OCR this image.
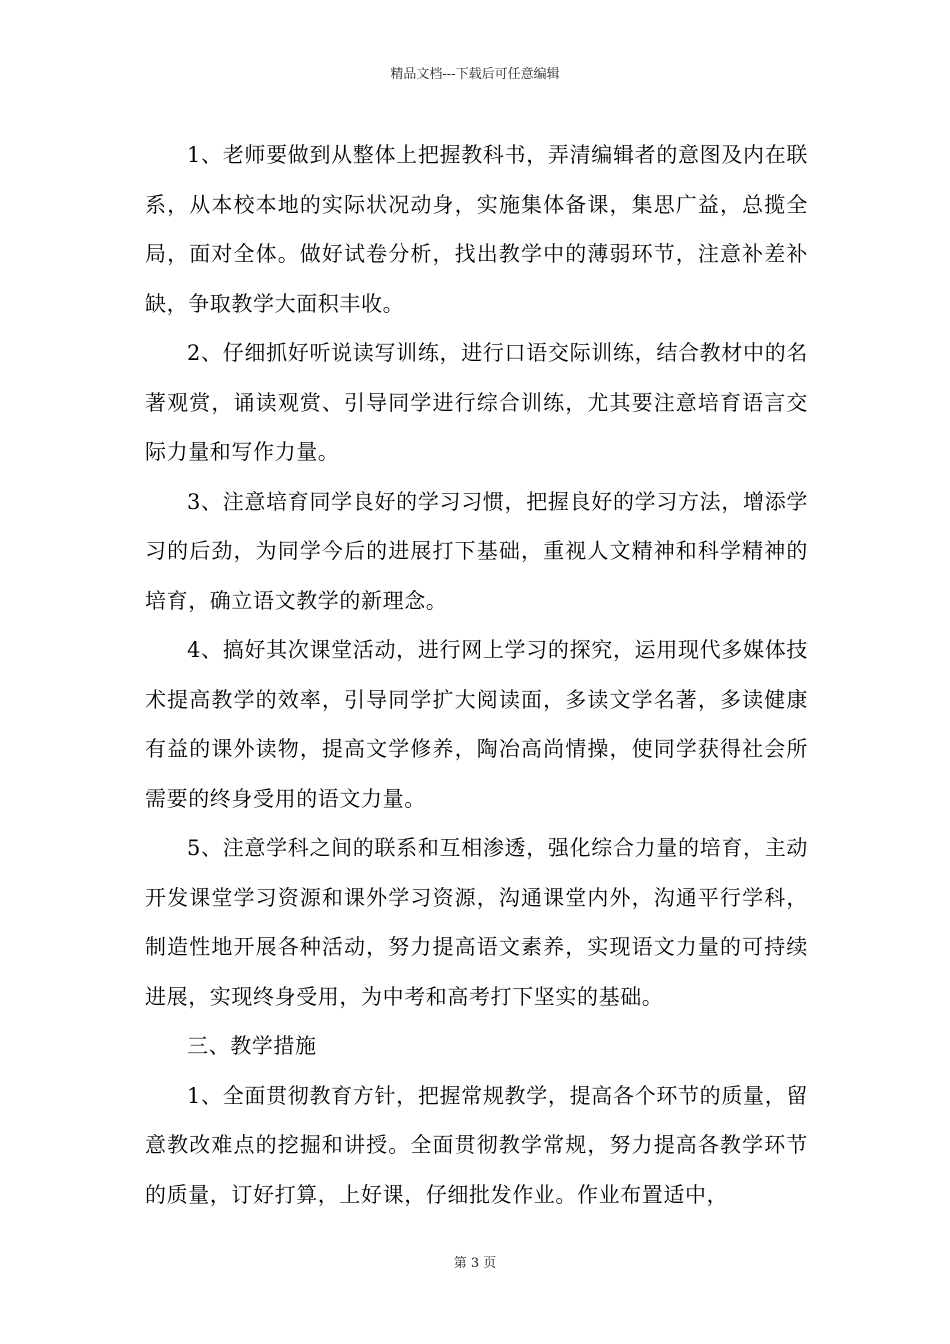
精品文档---下载后可任意编辑

1、老师要做到从整体上把握教科书，弄清编辑者的意图及内在联系，从本校本地的实际状况动身，实施集体备课，集思广益，总揽全局，面对全体。做好试卷分析，找出教学中的薄弱环节，注意补差补缺，争取教学大面积丰收。

2、仔细抓好听说读写训练，进行口语交际训练，结合教材中的名著观赏，诵读观赏、引导同学进行综合训练，尤其要注意培育语言交际力量和写作力量。

3、注意培育同学良好的学习习惯，把握良好的学习方法，增添学习的后劲，为同学今后的进展打下基础，重视人文精神和科学精神的培育，确立语文教学的新理念。

4、搞好其次课堂活动，进行网上学习的探究，运用现代多媒体技术提高教学的效率，引导同学扩大阅读面，多读文学名著，多读健康有益的课外读物，提高文学修养，陶冶高尚情操，使同学获得社会所需要的终身受用的语文力量。

5、注意学科之间的联系和互相渗透，强化综合力量的培育，主动开发课堂学习资源和课外学习资源，沟通课堂内外，沟通平行学科，制造性地开展各种活动，努力提高语文素养，实现语文力量的可持续进展，实现终身受用，为中考和高考打下坚实的基础。

三、教学措施

1、全面贯彻教育方针，把握常规教学，提高各个环节的质量，留意教改难点的挖掘和讲授。全面贯彻教学常规，努力提高各教学环节的质量，订好打算，上好课，仔细批发作业。作业布置适中，

第 3 页
